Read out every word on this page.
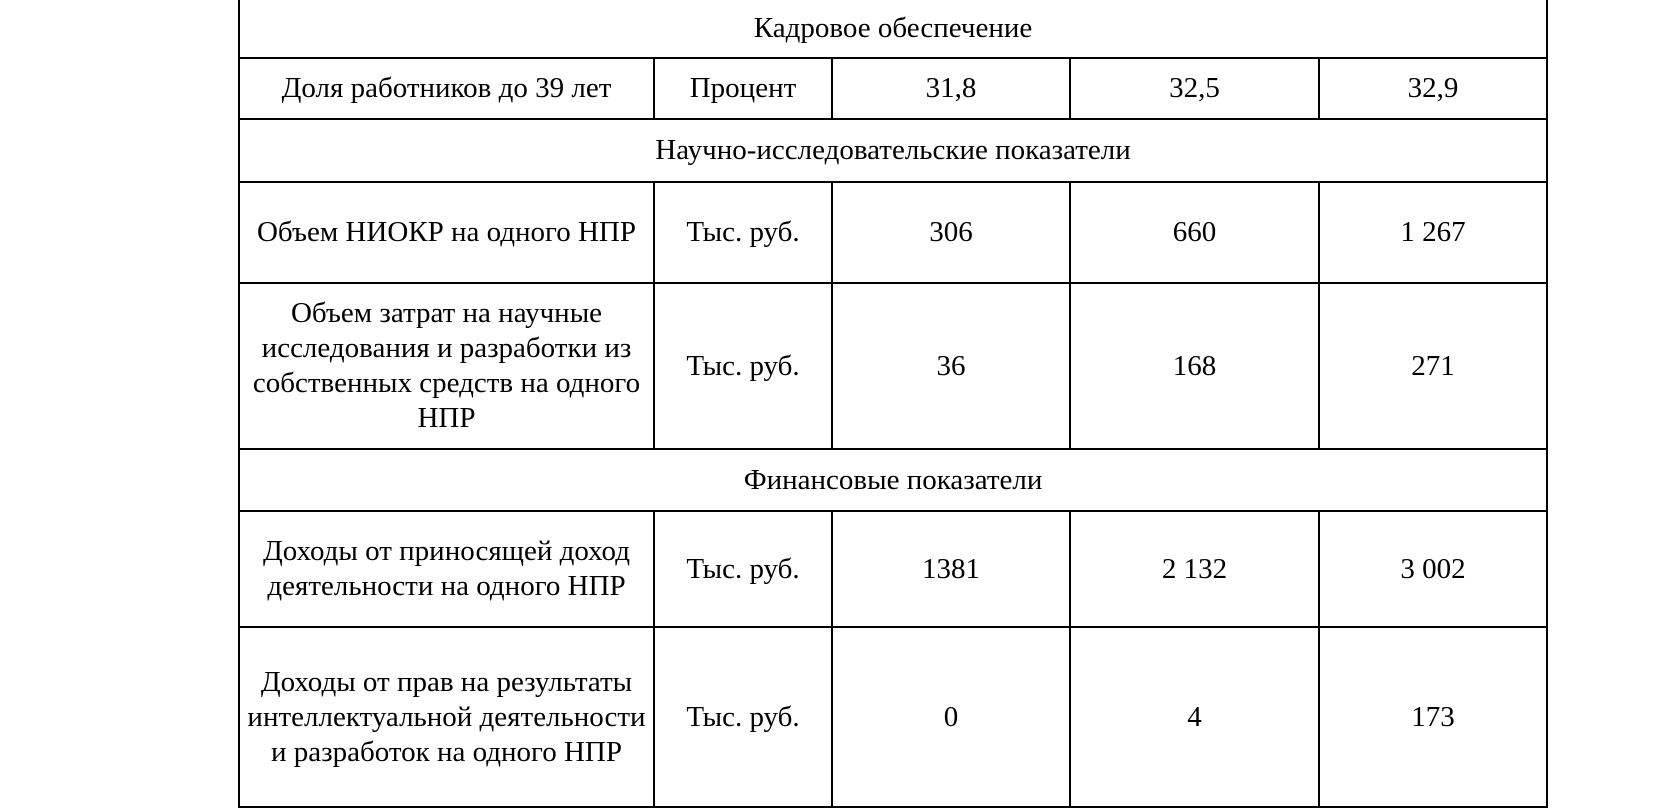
Кадровое обеспечение				
Доля работников до 39 лет	Процент	31,8	32,5	32,9
Научно-исследовательские показатели				
Объем НИОКР на одного НПР	Тыс. руб.	306	660	1 267
Объем затрат на научные исследования и разработки из собственных средств на одного НПР	Тыс. руб.	36	168	271
Финансовые показатели				
Доходы от приносящей доход деятельности на одного НПР	Тыс. руб.	1381	2 132	3 002
Доходы от прав на результаты интеллектуальной деятельности и разработок на одного НПР	Тыс. руб.	0	4	173
